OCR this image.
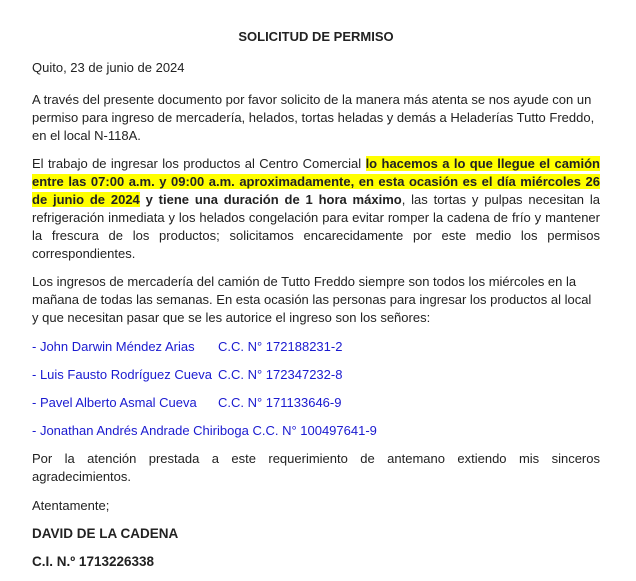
SOLICITUD DE PERMISO

Quito, 23 de junio de 2024

A través del presente documento por favor solicito de la manera más atenta se nos ayude con un permiso para ingreso de mercadería, helados, tortas heladas y demás a Heladerías Tutto Freddo, en el local N-118A.

El trabajo de ingresar los productos al Centro Comercial lo hacemos a lo que llegue el camión entre las 07:00 a.m. y 09:00 a.m. aproximadamente, en esta ocasión es el día miércoles 26 de junio de 2024 y tiene una duración de 1 hora máximo, las tortas y pulpas necesitan la refrigeración inmediata y los helados congelación para evitar romper la cadena de frío y mantener la frescura de los productos; solicitamos encarecidamente por este medio los permisos correspondientes.

Los ingresos de mercadería del camión de Tutto Freddo siempre son todos los miércoles en la mañana de todas las semanas. En esta ocasión las personas para ingresar los productos al local y que necesitan pasar que se les autorice el ingreso son los señores:

- John Darwin Méndez Arias C.C. N° 172188231-2
- Luis Fausto Rodríguez Cueva C.C. N° 172347232-8
- Pavel Alberto Asmal Cueva C.C. N° 171133646-9
- Jonathan Andrés Andrade Chiriboga C.C. N° 100497641-9

Por la atención prestada a este requerimiento de antemano extiendo mis sinceros agradecimientos.

Atentamente;

DAVID DE LA CADENA

C.I. N.º 1713226338
